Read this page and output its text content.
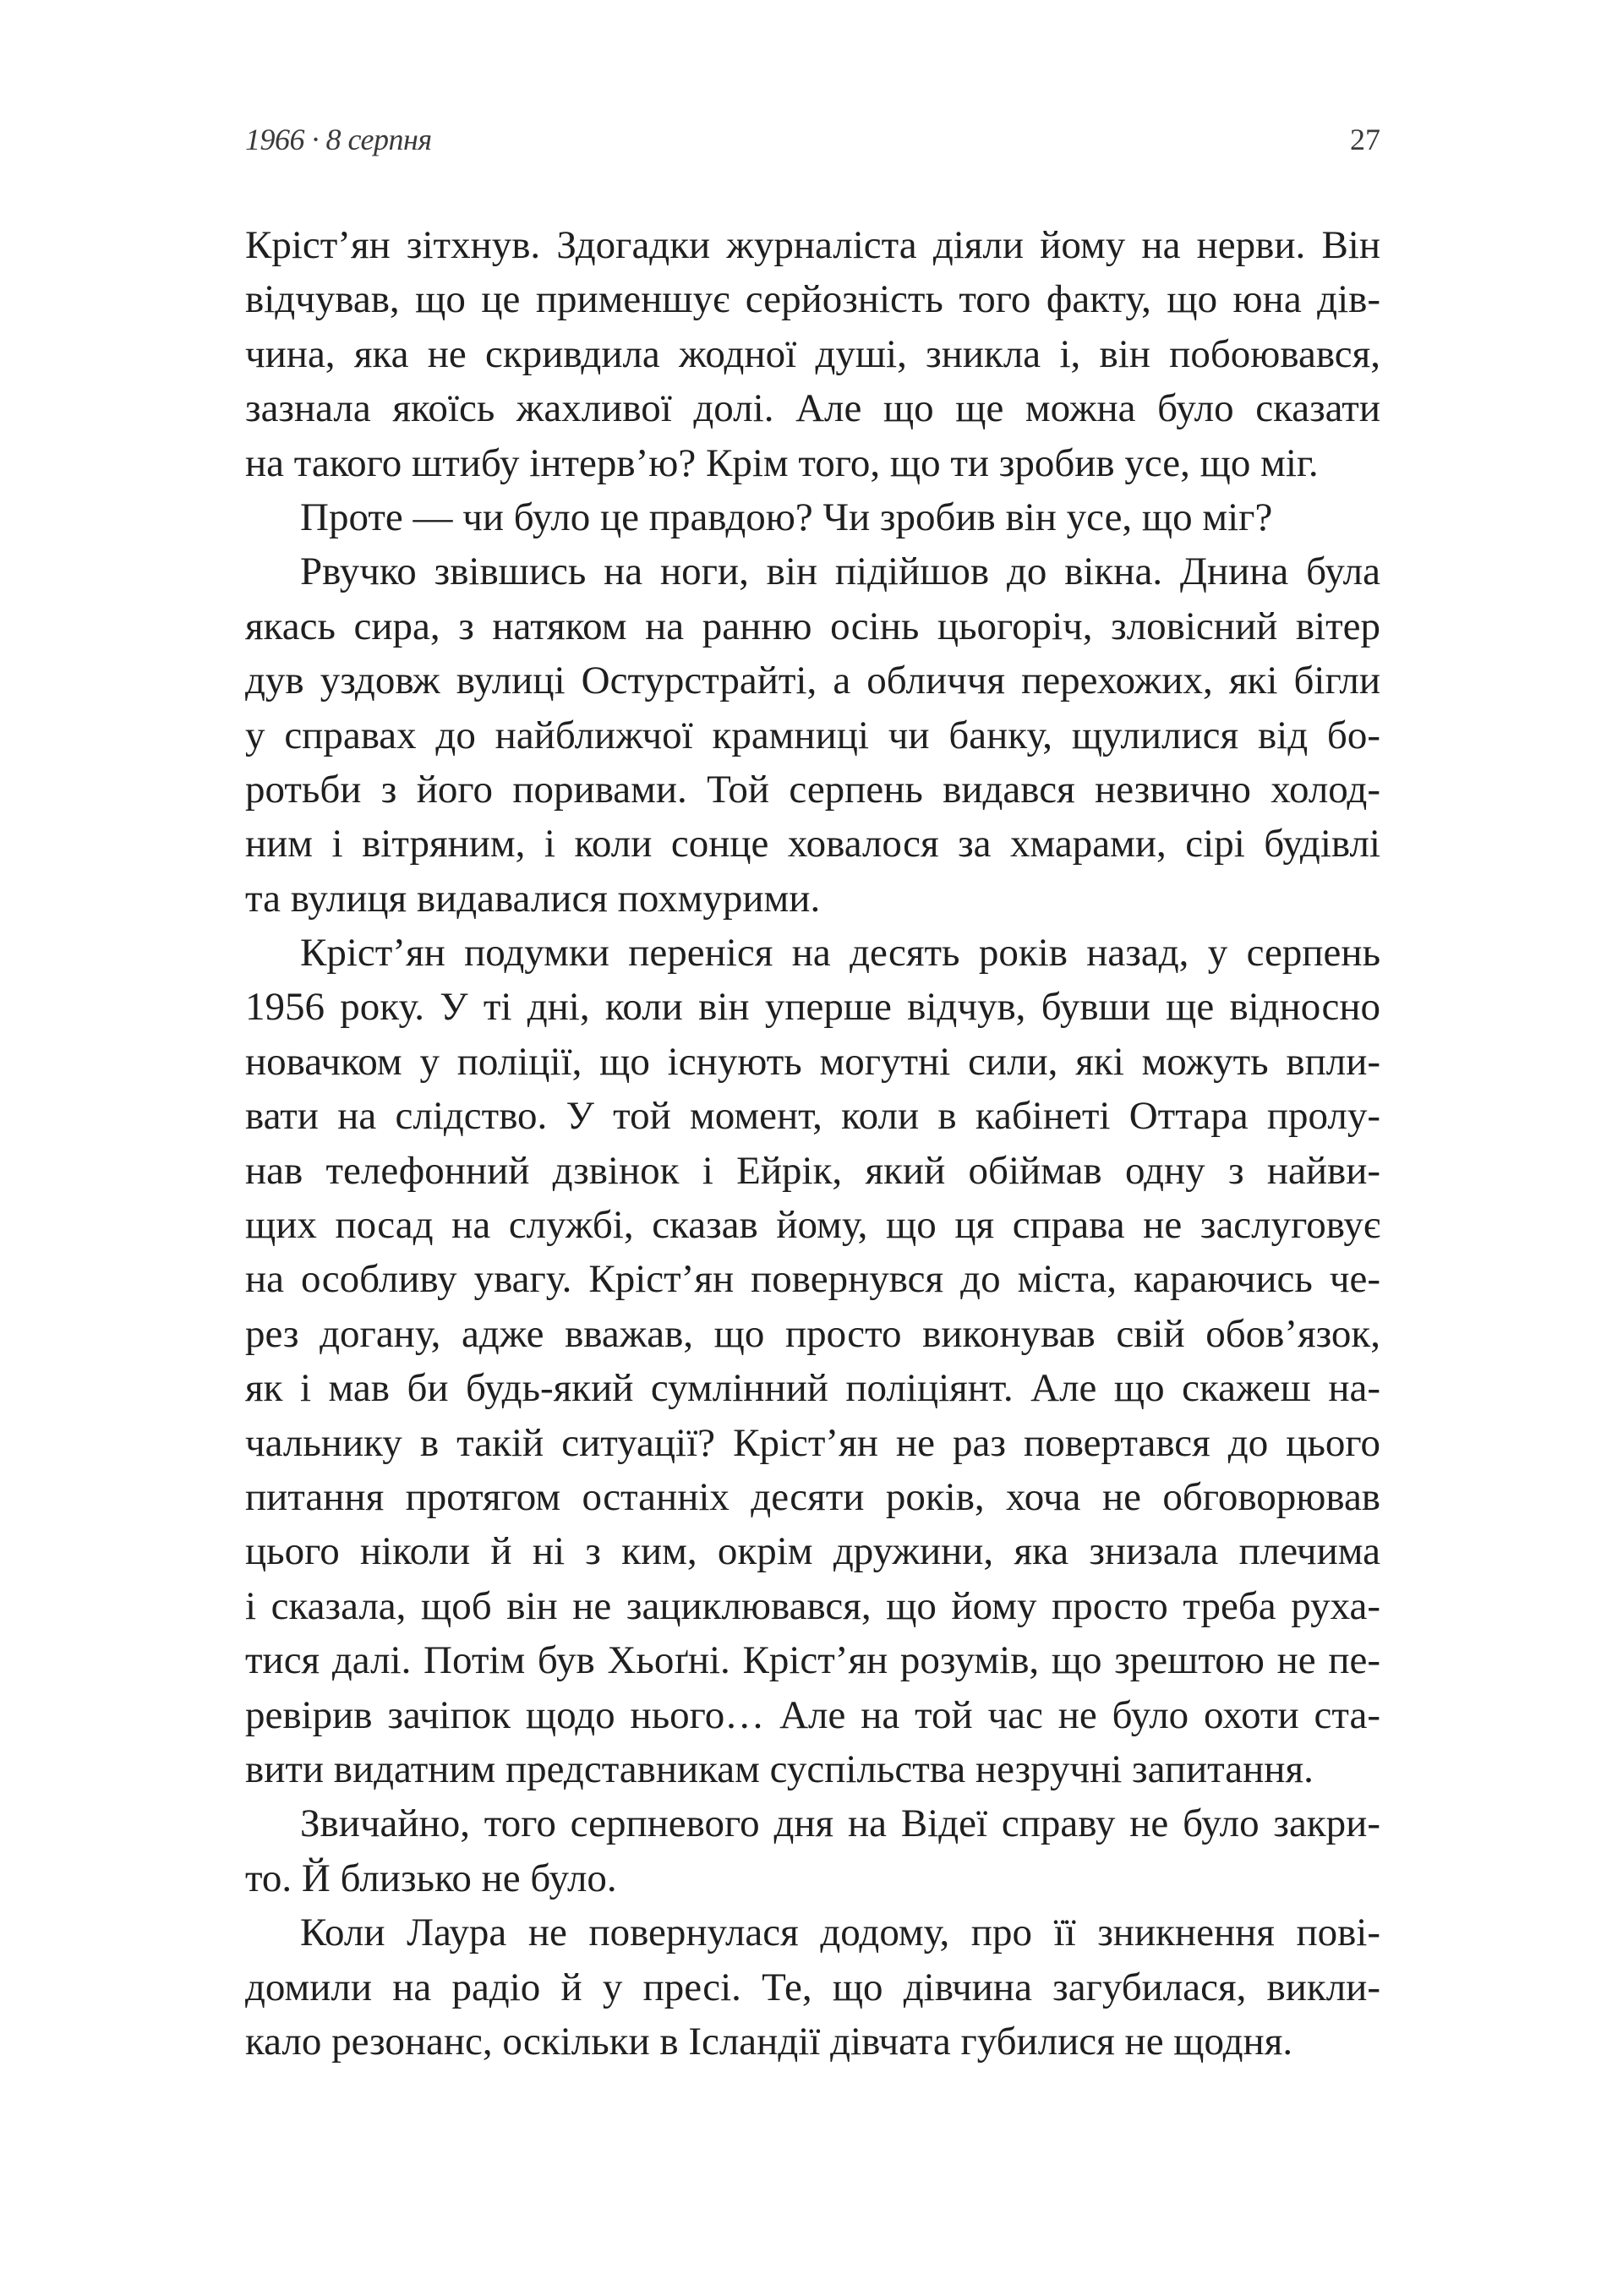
1966 · 8 серпня	27
Крістʼян зітхнув. Здогадки журналіста діяли йому на нерви. Він
відчував, що це применшує серйозність того факту, що юна дів-
чина, яка не скривдила жодної душі, зникла і, він побоювався,
зазнала якоїсь жахливої долі. Але що ще можна було сказати
на такого штибу інтервʼю? Крім того, що ти зробив усе, що міг.
Проте — чи було це правдою? Чи зробив він усе, що міг?
Рвучко звівшись на ноги, він підійшов до вікна. Днина була
якась сира, з натяком на ранню осінь цьогоріч, зловісний вітер
дув уздовж вулиці Остурстрайті, а обличчя перехожих, які бігли
у справах до найближчої крамниці чи банку, щулилися від бо-
ротьби з його поривами. Той серпень видався незвично холод-
ним і вітряним, і коли сонце ховалося за хмарами, сірі будівлі
та вулиця видавалися похмурими.
Крістʼян подумки переніся на десять років назад, у серпень
1956 року. У ті дні, коли він уперше відчув, бувши ще відносно
новачком у поліції, що існують могутні сили, які можуть впли-
вати на слідство. У той момент, коли в кабінеті Оттара пролу-
нав телефонний дзвінок і Ейрік, який обіймав одну з найви-
щих посад на службі, сказав йому, що ця справа не заслуговує
на особливу увагу. Крістʼян повернувся до міста, караючись че-
рез догану, адже вважав, що просто виконував свій обовʼязок,
як і мав би будь-який сумлінний поліціянт. Але що скажеш на-
чальнику в такій ситуації? Крістʼян не раз повертався до цього
питання протягом останніх десяти років, хоча не обговорював
цього ніколи й ні з ким, окрім дружини, яка знизала плечима
і сказала, щоб він не зациклювався, що йому просто треба руха-
тися далі. Потім був Хьоґні. Крістʼян розумів, що зрештою не пе-
ревірив зачіпок щодо нього… Але на той час не було охоти ста-
вити видатним представникам суспільства незручні запитання.
Звичайно, того серпневого дня на Відеї справу не було закри-
то. Й близько не було.
Коли Лаура не повернулася додому, про її зникнення пові-
домили на радіо й у пресі. Те, що дівчина загубилася, викли-
кало резонанс, оскільки в Ісландії дівчата губилися не щодня.
